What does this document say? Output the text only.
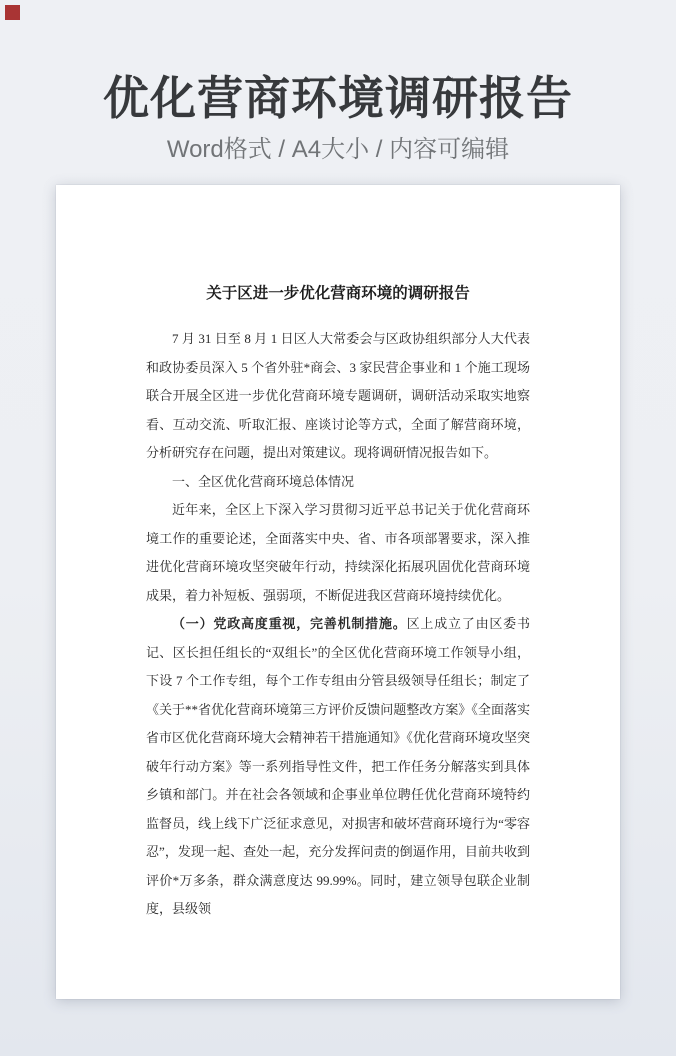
优化营商环境调研报告
Word格式 / A4大小 / 内容可编辑
关于区进一步优化营商环境的调研报告

7 月 31 日至 8 月 1 日区人大常委会与区政协组织部分人大代表和政协委员深入 5 个省外驻*商会、3 家民营企事业和 1 个施工现场联合开展全区进一步优化营商环境专题调研，调研活动采取实地察看、互动交流、听取汇报、座谈讨论等方式，全面了解营商环境，分析研究存在问题，提出对策建议。现将调研情况报告如下。

一、全区优化营商环境总体情况

近年来，全区上下深入学习贯彻习近平总书记关于优化营商环境工作的重要论述，全面落实中央、省、市各项部署要求，深入推进优化营商环境攻坚突破年行动，持续深化拓展巩固优化营商环境成果，着力补短板、强弱项，不断促进我区营商环境持续优化。

（一）党政高度重视，完善机制措施。区上成立了由区委书记、区长担任组长的“双组长”的全区优化营商环境工作领导小组，下设 7 个工作专组，每个工作专组由分管县级领导任组长；制定了《关于**省优化营商环境第三方评价反馈问题整改方案》《全面落实省市区优化营商环境大会精神若干措施通知》《优化营商环境攻坚突破年行动方案》等一系列指导性文件，把工作任务分解落实到具体乡镇和部门。并在社会各领域和企事业单位聘任优化营商环境特约监督员，线上线下广泛征求意见，对损害和破坏营商环境行为“零容忍”，发现一起、查处一起，充分发挥问责的倒逼作用，目前共收到评价*万多条，群众满意度达 99.99%。同时，建立领导包联企业制度，县级领
